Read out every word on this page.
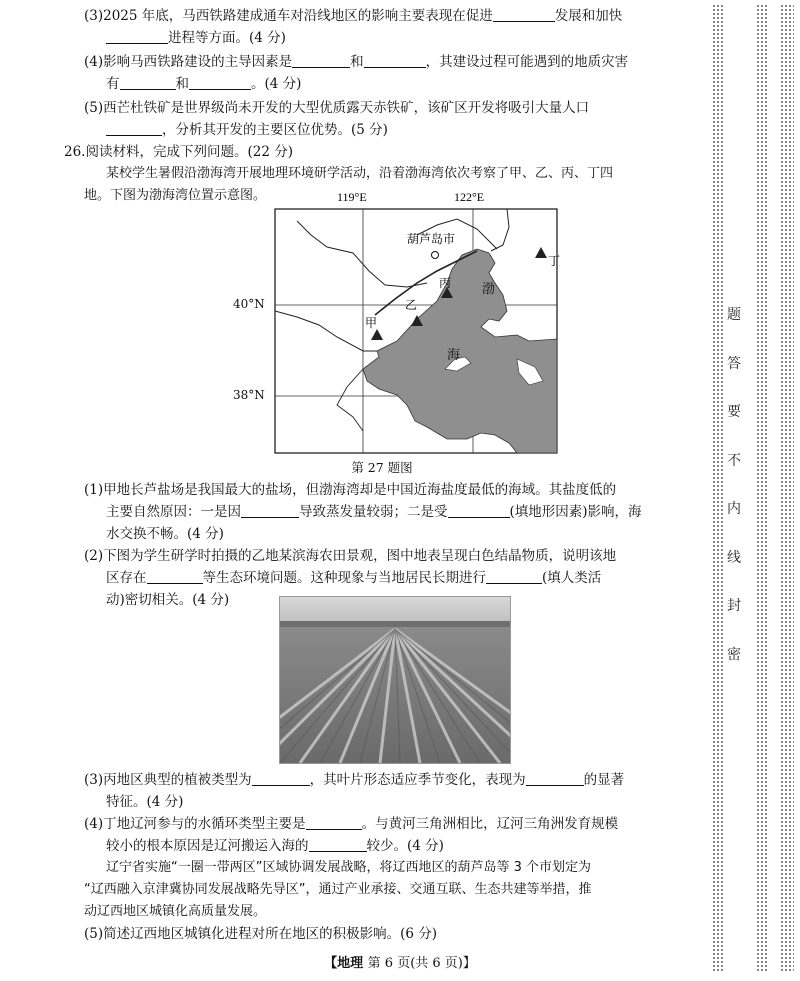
(3)2025 年底，马西铁路建成通车对沿线地区的影响主要表现在促进	发展和加快
进程等方面。(4 分)
(4)影响马西铁路建设的主导因素是	和	，其建设过程可能遇到的地质灾害
有	和	。(4 分)
(5)西芒杜铁矿是世界级尚未开发的大型优质露天赤铁矿，该矿区开发将吸引大量人口
，分析其开发的主要区位优势。(5 分)
26.阅读材料，完成下列问题。(22 分)
某校学生暑假沿渤海湾开展地理环境研学活动，沿着渤海湾依次考察了甲、乙、丙、丁四
地。下图为渤海湾位置示意图。	119°E	122°E
葫芦岛市
甲
乙
丙
丁
渤
海
40°N
38°N
第 27 题图
(1)甲地长芦盐场是我国最大的盐场，但渤海湾却是中国近海盐度最低的海域。其盐度低的
主要自然原因：一是因	导致蒸发量较弱；二是受	(填地形因素)影响，海
水交换不畅。(4 分)
(2)下图为学生研学时拍摄的乙地某滨海农田景观，图中地表呈现白色结晶物质，说明该地
区存在	等生态环境问题。这种现象与当地居民长期进行	(填人类活
动)密切相关。(4 分)
(3)丙地区典型的植被类型为	，其叶片形态适应季节变化，表现为	的显著
特征。(4 分)
(4)丁地辽河参与的水循环类型主要是	。与黄河三角洲相比，辽河三角洲发育规模
较小的根本原因是辽河搬运入海的	较少。(4 分)
辽宁省实施“一圈一带两区”区域协调发展战略，将辽西地区的葫芦岛等 3 个市划定为
“辽西融入京津冀协同发展战略先导区”，通过产业承接、交通互联、生态共建等举措，推
动辽西地区城镇化高质量发展。
(5)简述辽西地区城镇化进程对所在地区的积极影响。(6 分)
题
答
要
不
内
线
封
密
【地理 第 6 页(共 6 页)】
